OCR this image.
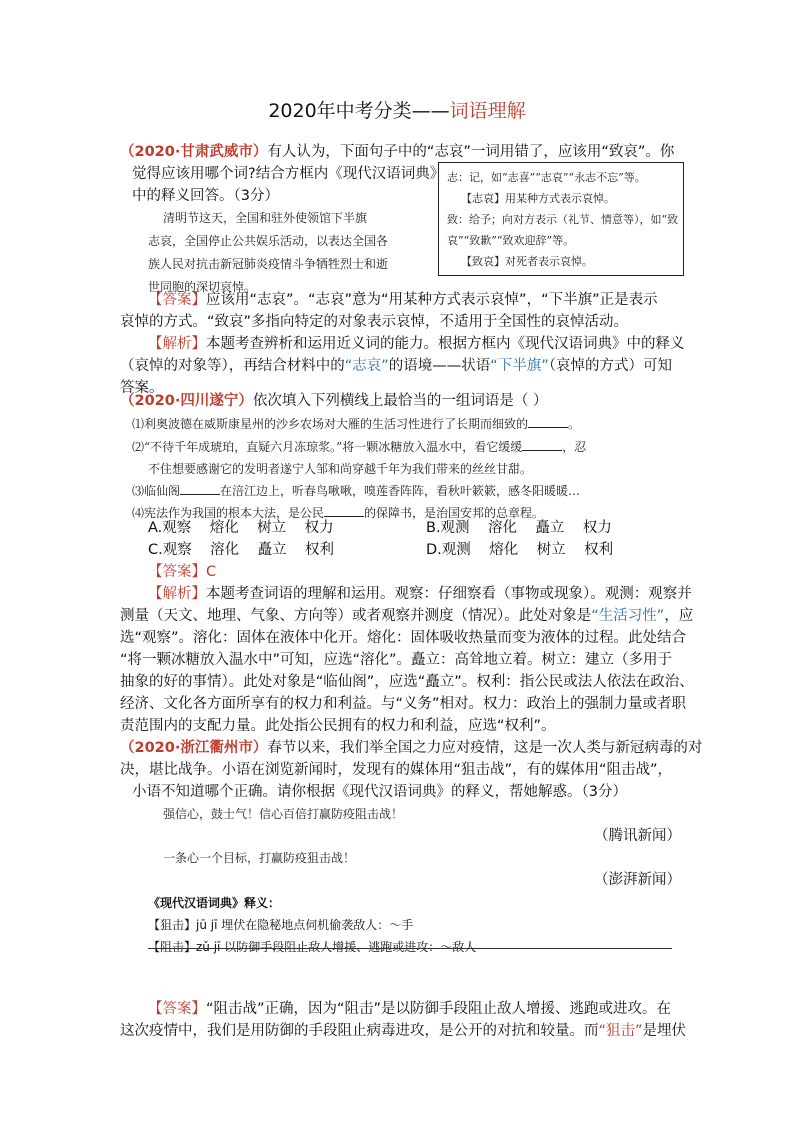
2020年中考分类——词语理解
（2020·甘肃武威市）有人认为，下面句子中的“志哀”一词用错了，应该用“致哀”。你
觉得应该用哪个词?结合方框内《现代汉语词典》
中的释义回答。（3分）
清明节这天，全国和驻外使领馆下半旗
志哀，全国停止公共娱乐活动，以表达全国各
族人民对抗击新冠肺炎疫情斗争牺牲烈士和逝
世同胞的深切哀悼。
志：记，如“志喜”“志哀”“永志不忘”等。
【志哀】用某种方式表示哀悼。
致：给予；向对方表示（礼节、情意等），如“致
哀”“致歉”“致欢迎辞”等。
【致哀】对死者表示哀悼。
【答案】应该用“志哀”。“志哀”意为“用某种方式表示哀悼”，“下半旗”正是表示
哀悼的方式。“致哀”多指向特定的对象表示哀悼，不适用于全国性的哀悼活动。
【解析】本题考查辨析和运用近义词的能力。根据方框内《现代汉语词典》中的释义
（哀悼的对象等），再结合材料中的“志哀”的语境——状语“下半旗”（哀悼的方式）可知
答案。
（2020·四川遂宁）依次填入下列横线上最恰当的一组词语是（ ）
⑴利奥波德在威斯康星州的沙乡农场对大雁的生活习性进行了长期而细致的	。
⑵“不待千年成琥珀，直疑六月冻琼浆。”将一颗冰糖放入温水中，看它缓缓	，忍
不住想要感谢它的发明者遂宁人邹和尚穿越千年为我们带来的丝丝甘甜。
⑶临仙阁	在涪江边上，听春鸟啾啾，嗅莲香阵阵，看秋叶簌簌，感冬阳暖暖…
⑷宪法作为我国的根本大法，是公民	的保障书，是治国安邦的总章程。
A.观察    熔化    树立    权力	B.观测    溶化    矗立    权力
C.观察    溶化    矗立    权利	D.观测    熔化    树立    权利
【答案】C
【解析】本题考查词语的理解和运用。观察：仔细察看（事物或现象）。观测：观察并
测量（天文、地理、气象、方向等）或者观察并测度（情况）。此处对象是“生活习性”，应
选“观察”。溶化：固体在液体中化开。熔化：固体吸收热量而变为液体的过程。此处结合
“将一颗冰糖放入温水中”可知，应选“溶化”。矗立：高耸地立着。树立：建立（多用于
抽象的好的事情）。此处对象是“临仙阁”，应选“矗立”。权利：指公民或法人依法在政治、
经济、文化各方面所享有的权力和利益。与“义务”相对。权力：政治上的强制力量或者职
责范围内的支配力量。此处指公民拥有的权力和利益，应选“权利”。
（2020·浙江衢州市）春节以来，我们举全国之力应对疫情，这是一次人类与新冠病毒的对
决，堪比战争。小语在浏览新闻时，发现有的媒体用“狙击战”，有的媒体用“阻击战”，
小语不知道哪个正确。请你根据《现代汉语词典》的释义，帮她解惑。（3分）
强信心，鼓士气！信心百倍打赢防疫阻击战！
（腾讯新闻）
一条心一个目标，打赢防疫狙击战！
（澎湃新闻）
《现代汉语词典》释义：
【狙击】jū jī 埋伏在隐秘地点伺机偷袭敌人：～手
【阻击】zǔ jī 以防御手段阻止敌人增援、逃跑或进攻：～敌人
【答案】“阻击战”正确，因为“阻击”是以防御手段阻止敌人增援、逃跑或进攻。在
这次疫情中，我们是用防御的手段阻止病毒进攻，是公开的对抗和较量。而“狙击”是埋伏
